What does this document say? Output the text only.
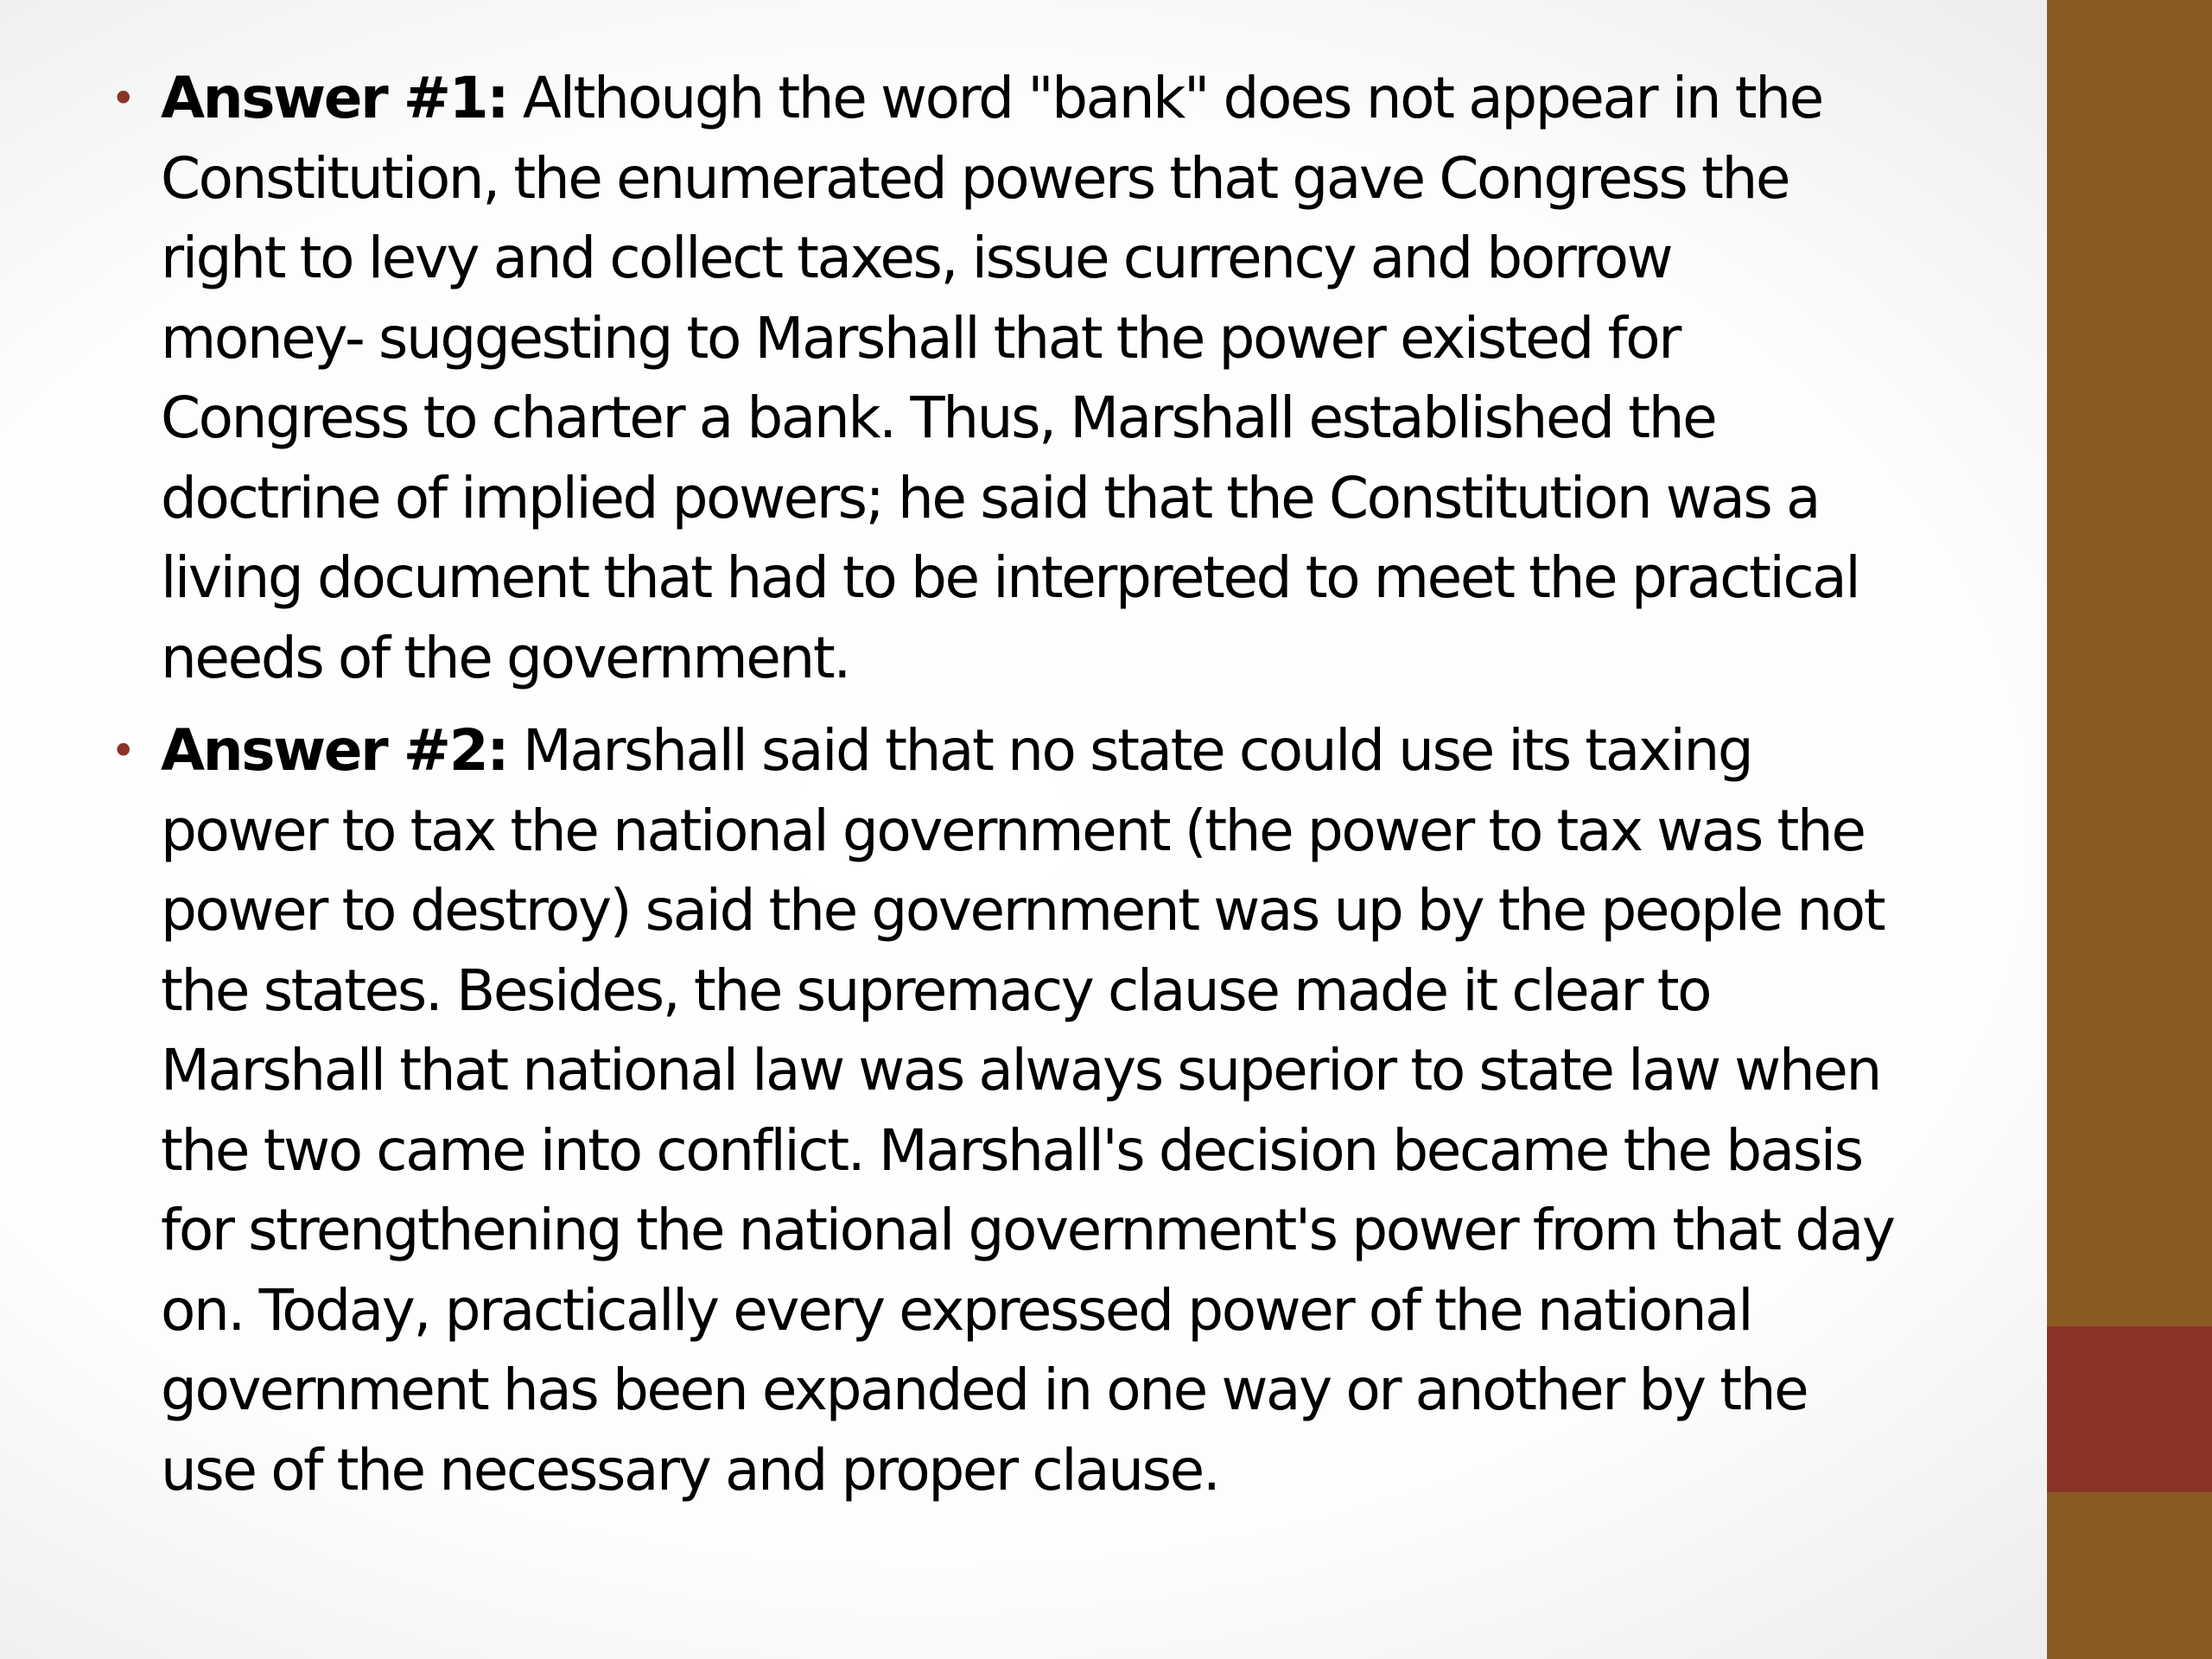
• Answer #1: Although the word "bank" does not appear in the
Constitution, the enumerated powers that gave Congress the
right to levy and collect taxes, issue currency and borrow
money- suggesting to Marshall that the power existed for
Congress to charter a bank. Thus, Marshall established the
doctrine of implied powers; he said that the Constitution was a
living document that had to be interpreted to meet the practical
needs of the government.
• Answer #2: Marshall said that no state could use its taxing
power to tax the national government (the power to tax was the
power to destroy) said the government was up by the people not
the states. Besides, the supremacy clause made it clear to
Marshall that national law was always superior to state law when
the two came into conflict. Marshall's decision became the basis
for strengthening the national government's power from that day
on. Today, practically every expressed power of the national
government has been expanded in one way or another by the
use of the necessary and proper clause.
